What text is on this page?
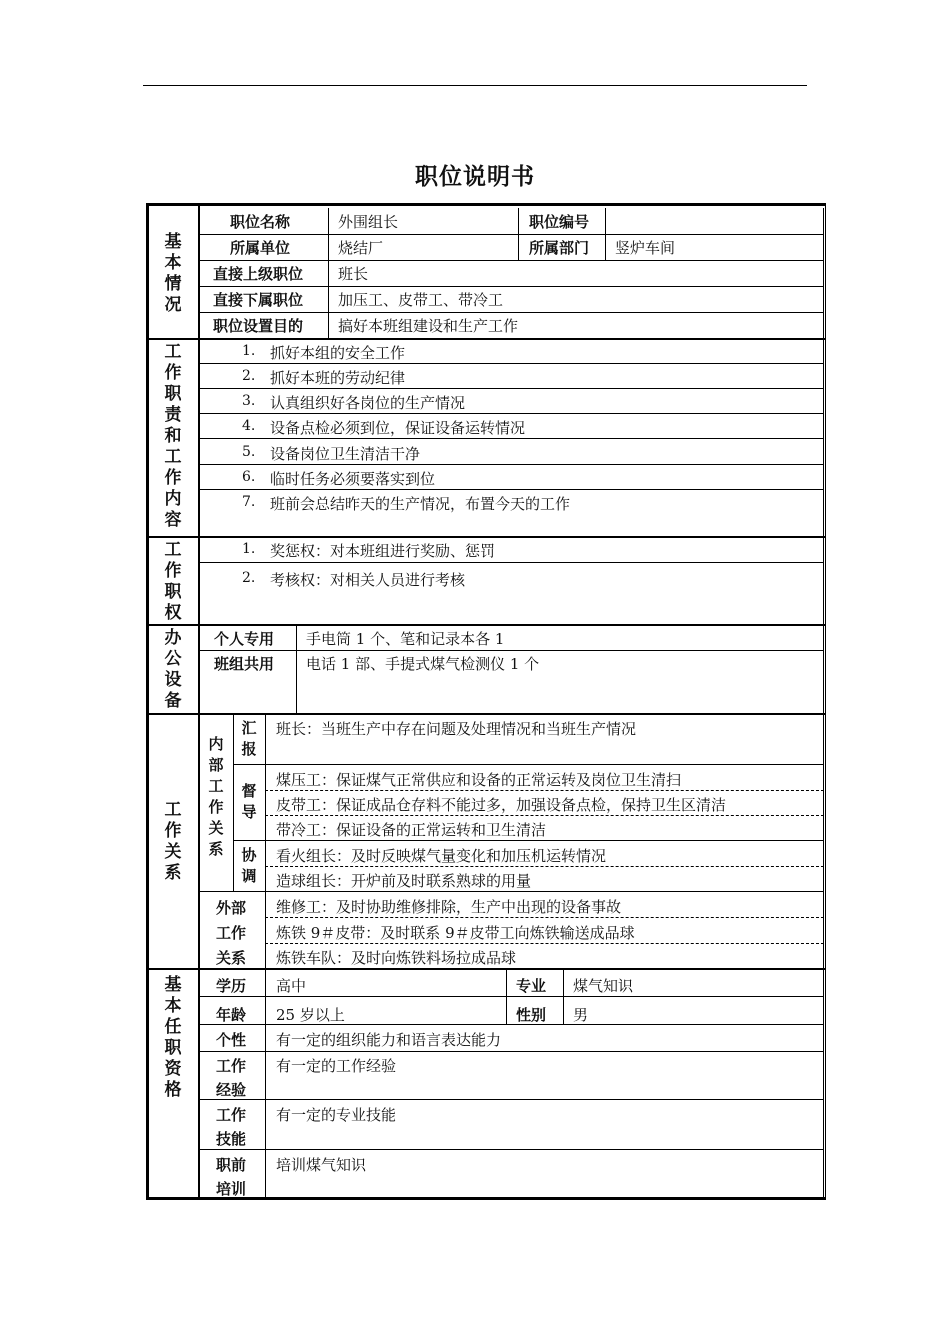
职位说明书
基本情况
职位名称	外围组长	职位编号
所属单位	烧结厂	所属部门 竖炉车间
直接上级职位 班长
直接下属职位 加压工、皮带工、带冷工
职位设置目的 搞好本班组建设和生产工作
工作职责和工作内容
1. 抓好本组的安全工作
2. 抓好本班的劳动纪律
3. 认真组织好各岗位的生产情况
4. 设备点检必须到位，保证设备运转情况
5. 设备岗位卫生清洁干净
6. 临时任务必须要落实到位
7. 班前会总结昨天的生产情况，布置今天的工作
工作职权
1. 奖惩权：对本班组进行奖励、惩罚
2. 考核权：对相关人员进行考核
办公设备
个人专用 手电筒 1 个、笔和记录本各 1
班组共用 电话 1 部、手提式煤气检测仪 1 个
工作关系
内部工作关系
汇报
班长：当班生产中存在问题及处理情况和当班生产情况
督导
煤压工：保证煤气正常供应和设备的正常运转及岗位卫生清扫
皮带工：保证成品仓存料不能过多，加强设备点检，保持卫生区清洁
带冷工：保证设备的正常运转和卫生清洁
协调
看火组长：及时反映煤气量变化和加压机运转情况
造球组长：开炉前及时联系熟球的用量
外部
工作
关系
维修工：及时协助维修排除，生产中出现的设备事故
炼铁 9＃皮带：及时联系 9＃皮带工向炼铁输送成品球
炼铁车队：及时向炼铁料场拉成品球
基本任职资格
学历 高中	专业 煤气知识
年龄 25 岁以上	性别 男
个性 有一定的组织能力和语言表达能力
工作
经验
有一定的工作经验
工作
技能
有一定的专业技能
职前
培训
培训煤气知识
